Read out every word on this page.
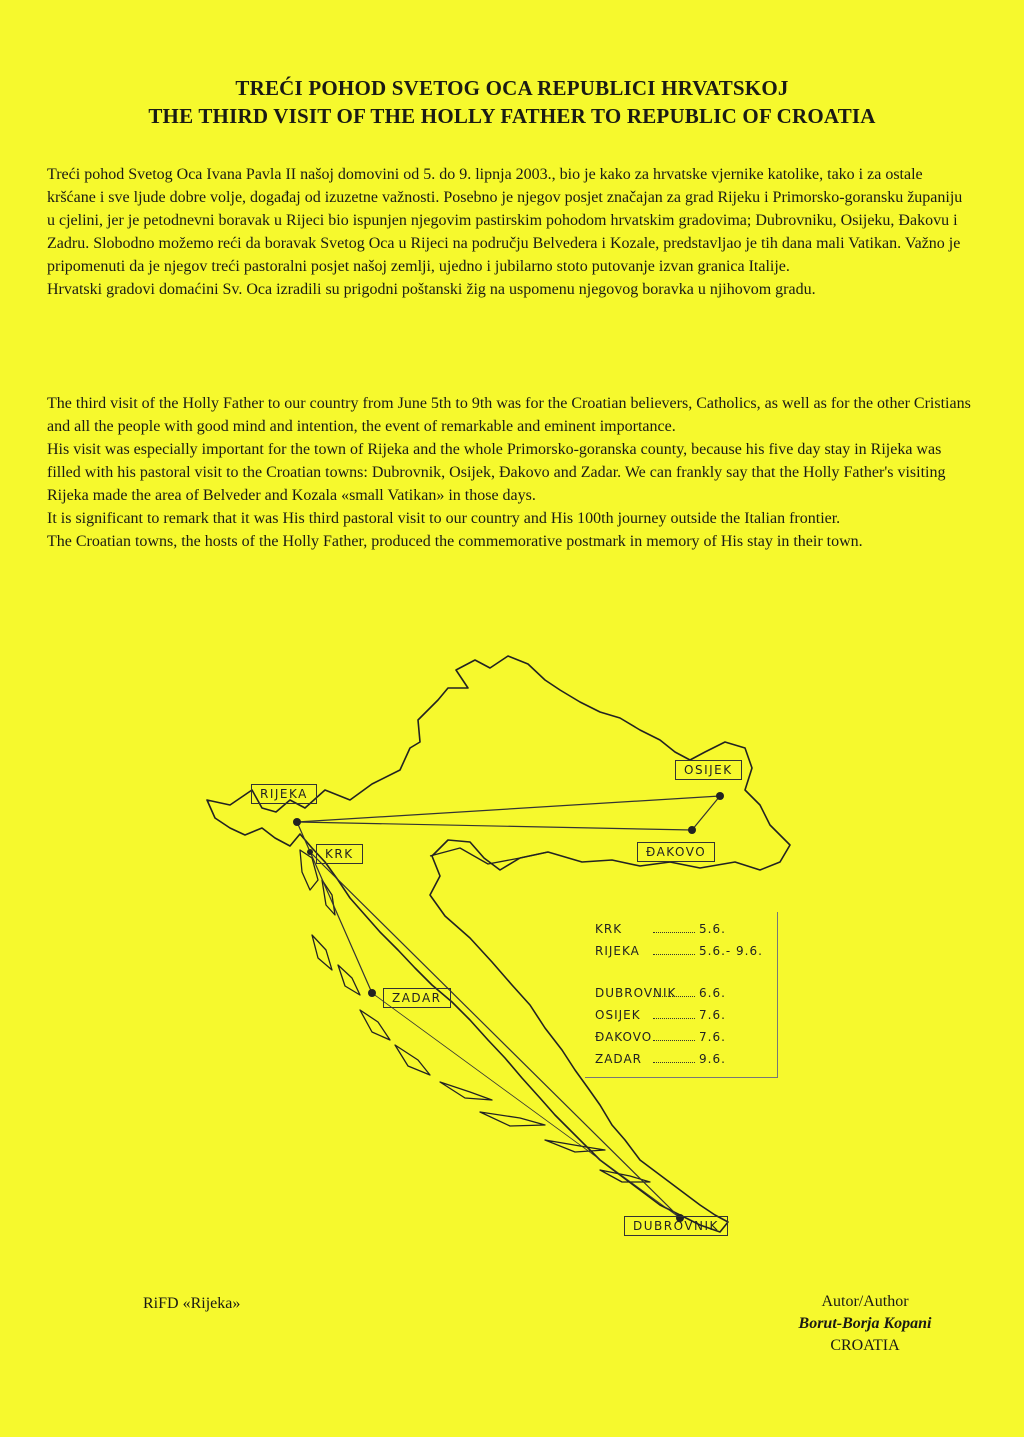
TREĆI POHOD SVETOG OCA REPUBLICI HRVATSKOJ
THE THIRD VISIT OF THE HOLLY FATHER TO REPUBLIC OF CROATIA

Treći pohod Svetog Oca Ivana Pavla II našoj domovini od 5. do 9. lipnja 2003., bio je kako za hrvatske vjernike katolike, tako i za ostale kršćane i sve ljude dobre volje, događaj od izuzetne važnosti. Posebno je njegov posjet značajan za grad Rijeku i Primorsko-goransku županiju u cjelini, jer je petodnevni boravak u Rijeci bio ispunjen njegovim pastirskim pohodom hrvatskim gradovima; Dubrovniku, Osijeku, Đakovu i Zadru. Slobodno možemo reći da boravak Svetog Oca u Rijeci na području Belvedera i Kozale, predstavljao je tih dana mali Vatikan. Važno je pripomenuti da je njegov treći pastoralni posjet našoj zemlji, ujedno i jubilarno stoto putovanje izvan granica Italije.

Hrvatski gradovi domaćini Sv. Oca izradili su prigodni poštanski žig na uspomenu njegovog boravka u njihovom gradu.

The third visit of the Holly Father to our country from June 5th to 9th was for the Croatian believers, Catholics, as well as for the other Cristians and all the people with good mind and intention, the event of remarkable and eminent importance.

His visit was especially important for the town of Rijeka and the whole Primorsko-goranska county, because his five day stay in Rijeka was filled with his pastoral visit to the Croatian towns: Dubrovnik, Osijek, Đakovo and Zadar. We can frankly say that the Holly Father's visiting Rijeka made the area of Belveder and Kozala «small Vatikan» in those days.

It is significant to remark that it was His third pastoral visit to our country and His 100th journey outside the Italian frontier.

The Croatian towns, the hosts of the Holly Father, produced the commemorative postmark in memory of His stay in their town.

RIJEKA
KRK
OSIJEK
ĐAKOVO
ZADAR
DUBROVNIK
KRK	5.6.
RIJEKA	5.6.- 9.6.
DUBROVNIK 6.6.
OSIJEK	7.6.
ĐAKOVO	7.6.
ZADAR	9.6.
RiFD «Rijeka»	Autor/Author
Borut-Borja Kopani
CROATIA
